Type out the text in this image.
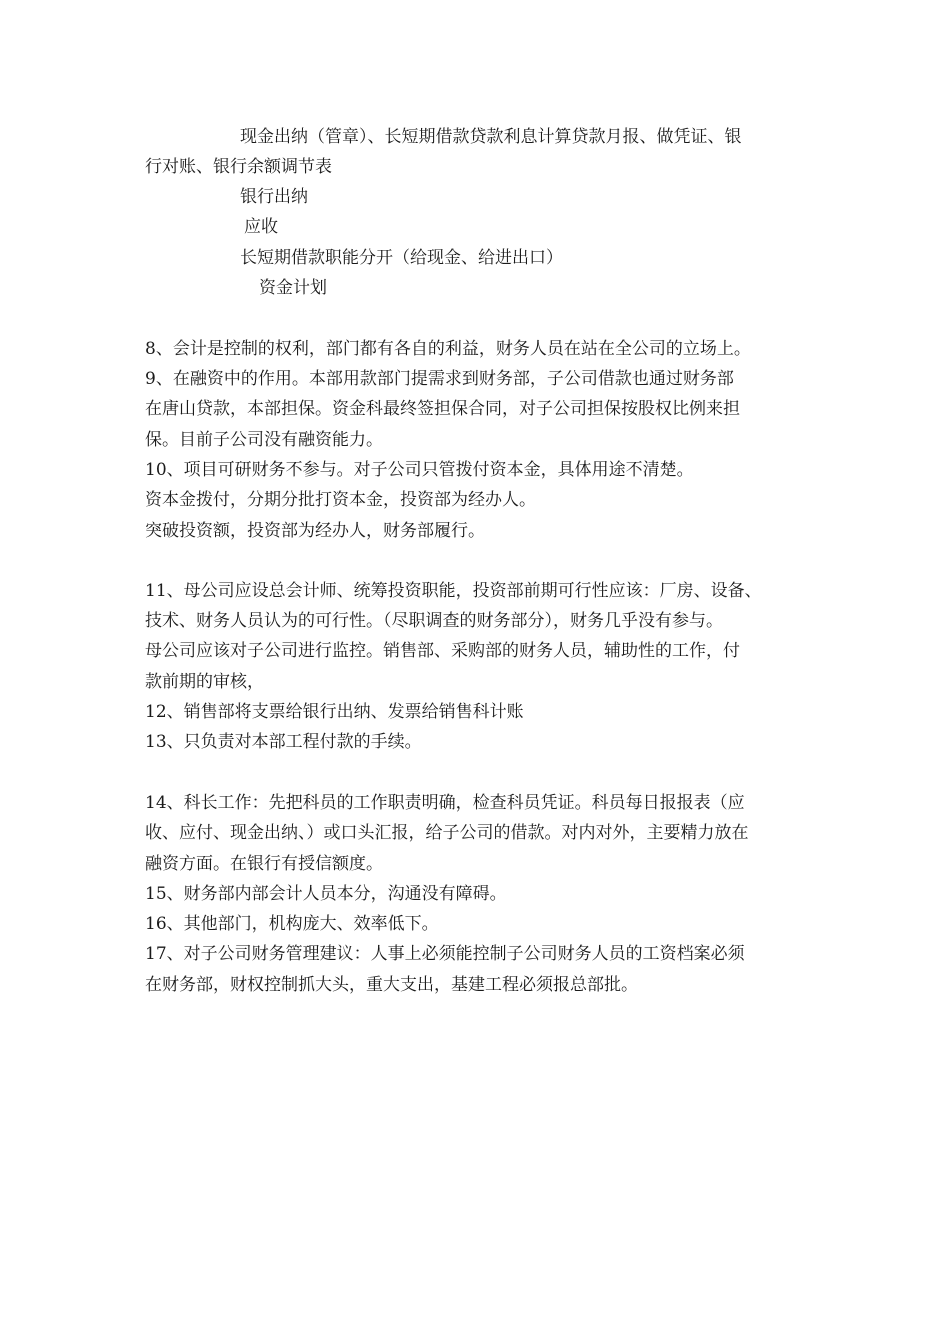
现金出纳（管章）、长短期借款贷款利息计算贷款月报、做凭证、银
行对账、银行余额调节表
银行出纳
应收
长短期借款职能分开（给现金、给进出口）
资金计划
8、会计是控制的权利，部门都有各自的利益，财务人员在站在全公司的立场上。
9、在融资中的作用。本部用款部门提需求到财务部，子公司借款也通过财务部
在唐山贷款，本部担保。资金科最终签担保合同，对子公司担保按股权比例来担
保。目前子公司没有融资能力。
10、项目可研财务不参与。对子公司只管拨付资本金，具体用途不清楚。
资本金拨付，分期分批打资本金，投资部为经办人。
突破投资额，投资部为经办人，财务部履行。
11、母公司应设总会计师、统筹投资职能，投资部前期可行性应该：厂房、设备、
技术、财务人员认为的可行性。（尽职调查的财务部分），财务几乎没有参与。
母公司应该对子公司进行监控。销售部、采购部的财务人员，辅助性的工作，付
款前期的审核，
12、销售部将支票给银行出纳、发票给销售科计账
13、只负责对本部工程付款的手续。
14、科长工作：先把科员的工作职责明确，检查科员凭证。科员每日报报表（应
收、应付、现金出纳、）或口头汇报，给子公司的借款。对内对外，主要精力放在
融资方面。在银行有授信额度。
15、财务部内部会计人员本分，沟通没有障碍。
16、其他部门，机构庞大、效率低下。
17、对子公司财务管理建议：人事上必须能控制子公司财务人员的工资档案必须
在财务部，财权控制抓大头，重大支出，基建工程必须报总部批。
